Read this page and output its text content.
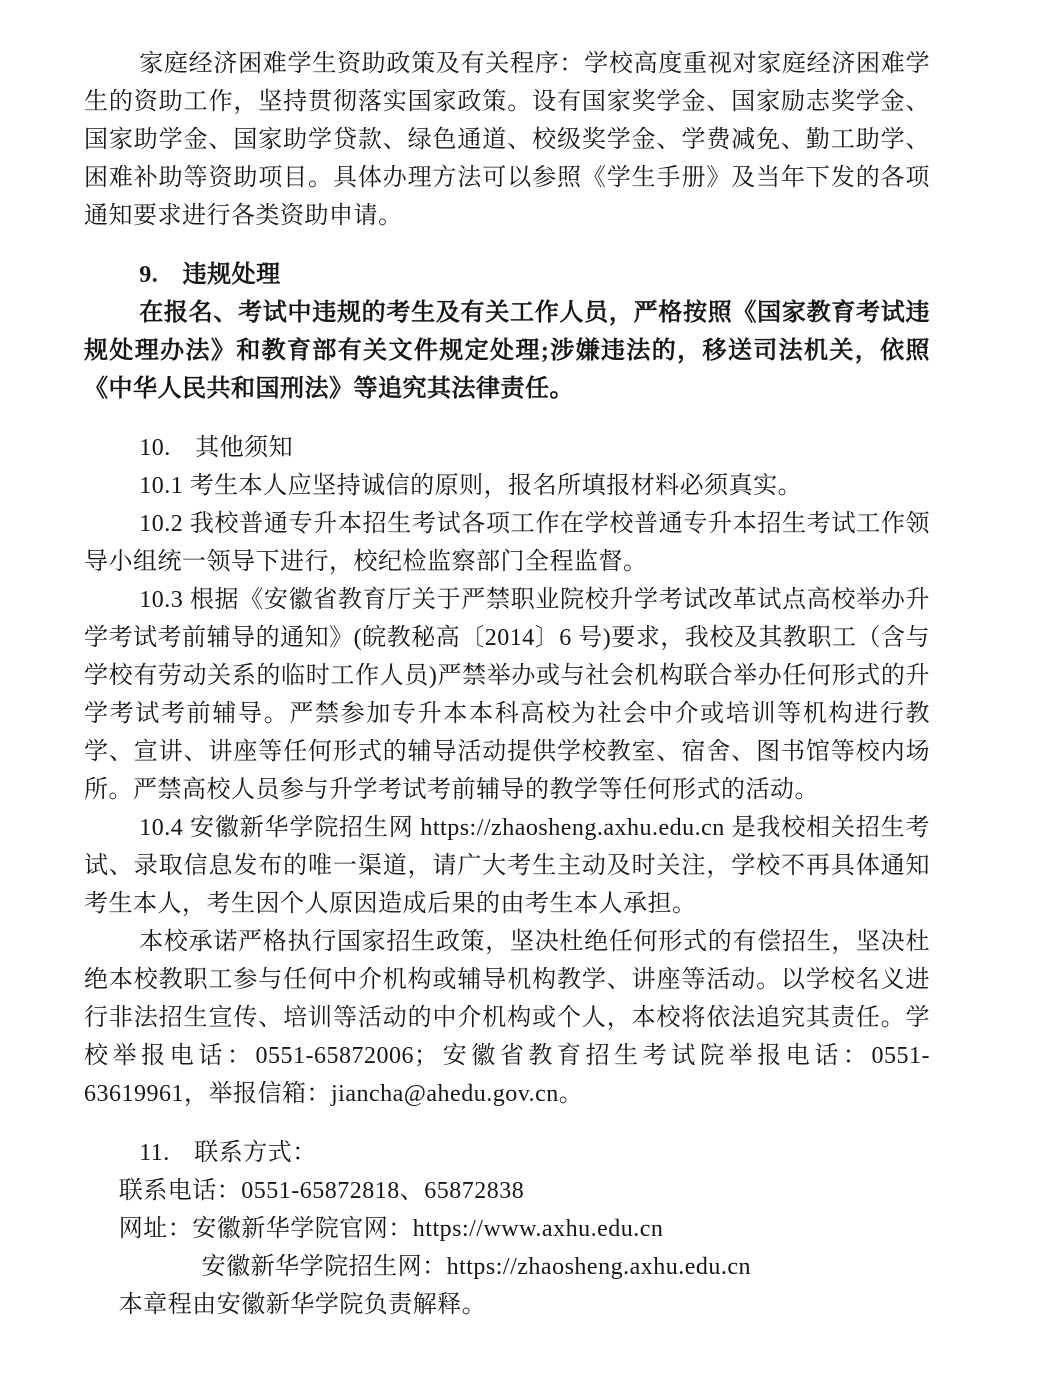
家庭经济困难学生资助政策及有关程序：学校高度重视对家庭经济困难学生的资助工作，坚持贯彻落实国家政策。设有国家奖学金、国家励志奖学金、国家助学金、国家助学贷款、绿色通道、校级奖学金、学费减免、勤工助学、困难补助等资助项目。具体办理方法可以参照《学生手册》及当年下发的各项通知要求进行各类资助申请。

9.　违规处理

在报名、考试中违规的考生及有关工作人员，严格按照《国家教育考试违规处理办法》和教育部有关文件规定处理;涉嫌违法的，移送司法机关，依照《中华人民共和国刑法》等追究其法律责任。

10.　其他须知

10.1 考生本人应坚持诚信的原则，报名所填报材料必须真实。

10.2 我校普通专升本招生考试各项工作在学校普通专升本招生考试工作领导小组统一领导下进行，校纪检监察部门全程监督。

10.3 根据《安徽省教育厅关于严禁职业院校升学考试改革试点高校举办升学考试考前辅导的通知》(皖教秘高〔2014〕6 号)要求，我校及其教职工（含与学校有劳动关系的临时工作人员)严禁举办或与社会机构联合举办任何形式的升学考试考前辅导。严禁参加专升本本科高校为社会中介或培训等机构进行教学、宣讲、讲座等任何形式的辅导活动提供学校教室、宿舍、图书馆等校内场所。严禁高校人员参与升学考试考前辅导的教学等任何形式的活动。

10.4 安徽新华学院招生网 https://zhaosheng.axhu.edu.cn 是我校相关招生考试、录取信息发布的唯一渠道，请广大考生主动及时关注，学校不再具体通知考生本人，考生因个人原因造成后果的由考生本人承担。

本校承诺严格执行国家招生政策，坚决杜绝任何形式的有偿招生，坚决杜绝本校教职工参与任何中介机构或辅导机构教学、讲座等活动。以学校名义进行非法招生宣传、培训等活动的中介机构或个人，本校将依法追究其责任。学校举报电话：0551-65872006；安徽省教育招生考试院举报电话：0551-63619961，举报信箱：jiancha@ahedu.gov.cn。

11.　联系方式：

联系电话：0551-65872818、65872838

网址：安徽新华学院官网：https://www.axhu.edu.cn

安徽新华学院招生网：https://zhaosheng.axhu.edu.cn

本章程由安徽新华学院负责解释。
